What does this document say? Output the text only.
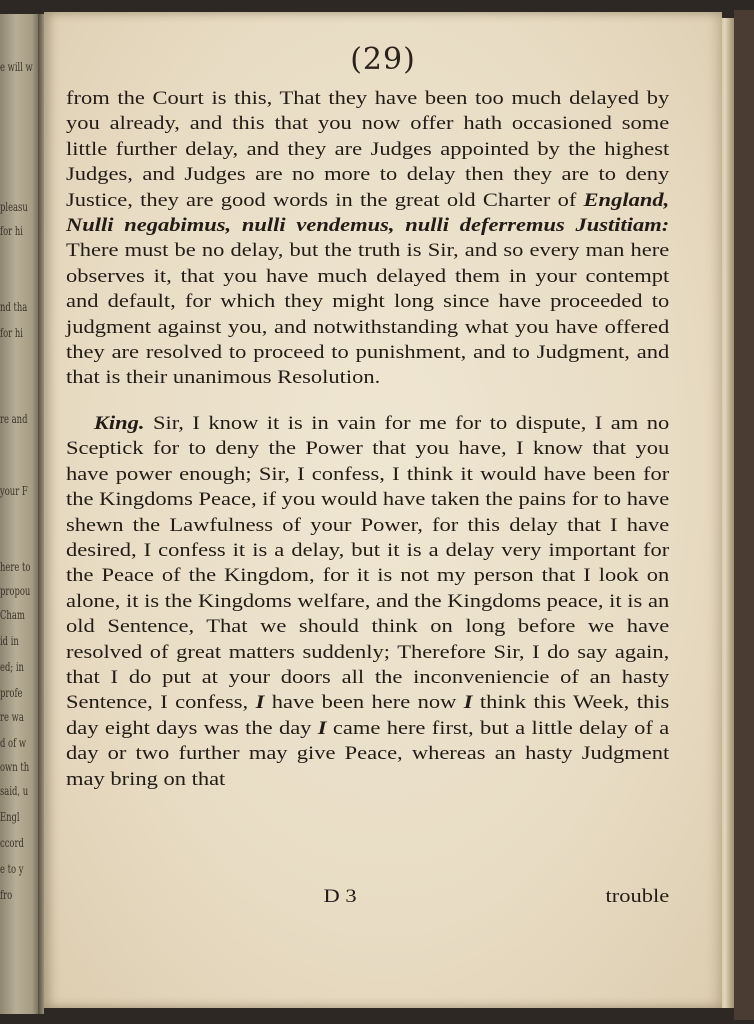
e will w
pleasu
for hi
nd tha
for hi
re and
your F
here to
propou
Cham
id in
ed; in
profe
re wa
d of w
own th
said, u
Engl
ccord
e to y
fro
(29)

from the Court is this, That they have been too much delayed by you already, and this that you now offer hath occasioned some little further delay, and they are Judges appointed by the highest Judges, and Judges are no more to delay then they are to deny Justice, they are good words in the great old Charter of England, Nulli negabimus, nulli vendemus, nulli deferremus Justitiam: There must be no delay, but the truth is Sir, and so every man here observes it, that you have much delayed them in your contempt and default, for which they might long since have proceeded to judgment against you, and notwithstanding what you have offered they are resolved to proceed to punishment, and to Judgment, and that is their unanimous Resolution.

King. Sir, I know it is in vain for me for to dispute, I am no Sceptick for to deny the Power that you have, I know that you have power enough; Sir, I confess, I think it would have been for the Kingdoms Peace, if you would have taken the pains for to have shewn the Lawfulness of your Power, for this delay that I have desired, I confess it is a delay, but it is a delay very important for the Peace of the Kingdom, for it is not my person that I look on alone, it is the Kingdoms welfare, and the Kingdoms peace, it is an old Sentence, That we should think on long before we have resolved of great matters suddenly; Therefore Sir, I do say again, that I do put at your doors all the inconveniencie of an hasty Sentence, I confess, I have been here now I think this Week, this day eight days was the day I came here first, but a little delay of a day or two further may give Peace, whereas an hasty Judgment may bring on that

D 3	trouble
